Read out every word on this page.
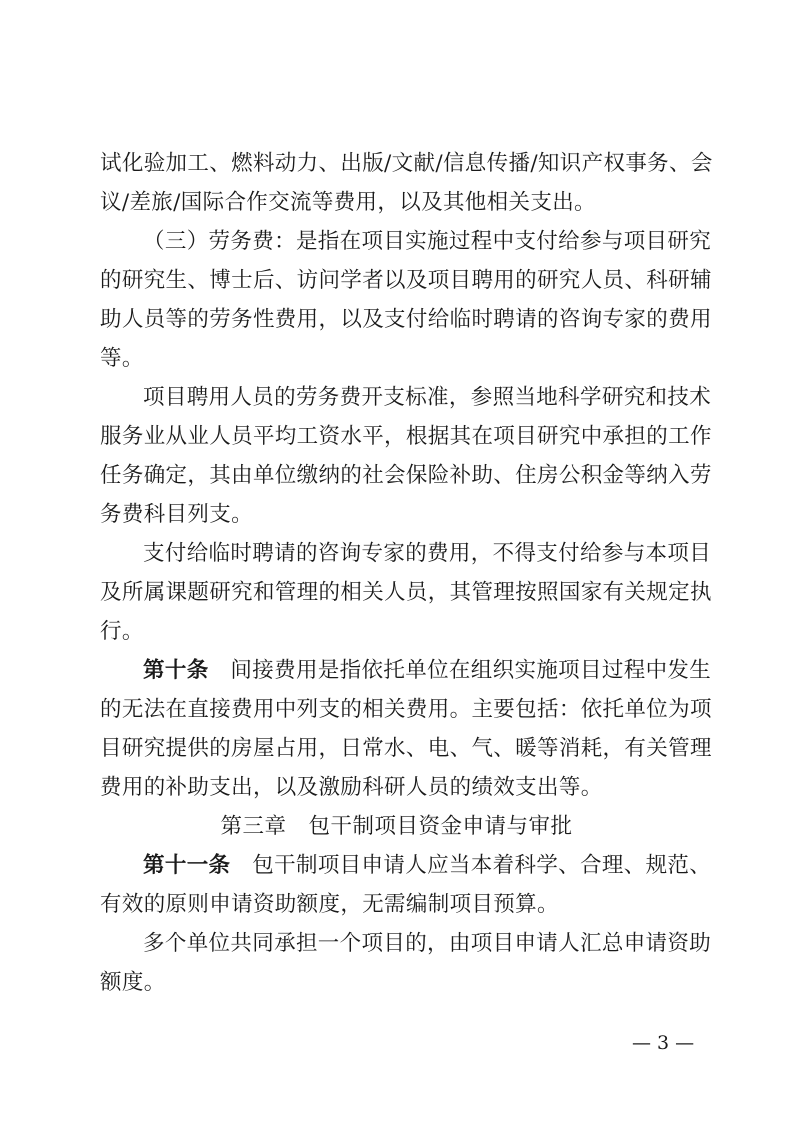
试化验加工、燃料动力、出版/文献/信息传播/知识产权事务、会
议/差旅/国际合作交流等费用，以及其他相关支出。
（三）劳务费：是指在项目实施过程中支付给参与项目研究
的研究生、博士后、访问学者以及项目聘用的研究人员、科研辅
助人员等的劳务性费用，以及支付给临时聘请的咨询专家的费用
等。
项目聘用人员的劳务费开支标准，参照当地科学研究和技术
服务业从业人员平均工资水平，根据其在项目研究中承担的工作
任务确定，其由单位缴纳的社会保险补助、住房公积金等纳入劳
务费科目列支。
支付给临时聘请的咨询专家的费用，不得支付给参与本项目
及所属课题研究和管理的相关人员，其管理按照国家有关规定执
行。
第十条　 间接费用是指依托单位在组织实施项目过程中发生
的无法在直接费用中列支的相关费用。主要包括：依托单位为项
目研究提供的房屋占用，日常水、电、气、暖等消耗，有关管理
费用的补助支出，以及激励科研人员的绩效支出等。
第三章　包干制项目资金申请与审批
第十一条　 包干制项目申请人应当本着科学、合理、规范、
有效的原则申请资助额度，无需编制项目预算。
多个单位共同承担一个项目的，由项目申请人汇总申请资助
额度。
— 3 —
